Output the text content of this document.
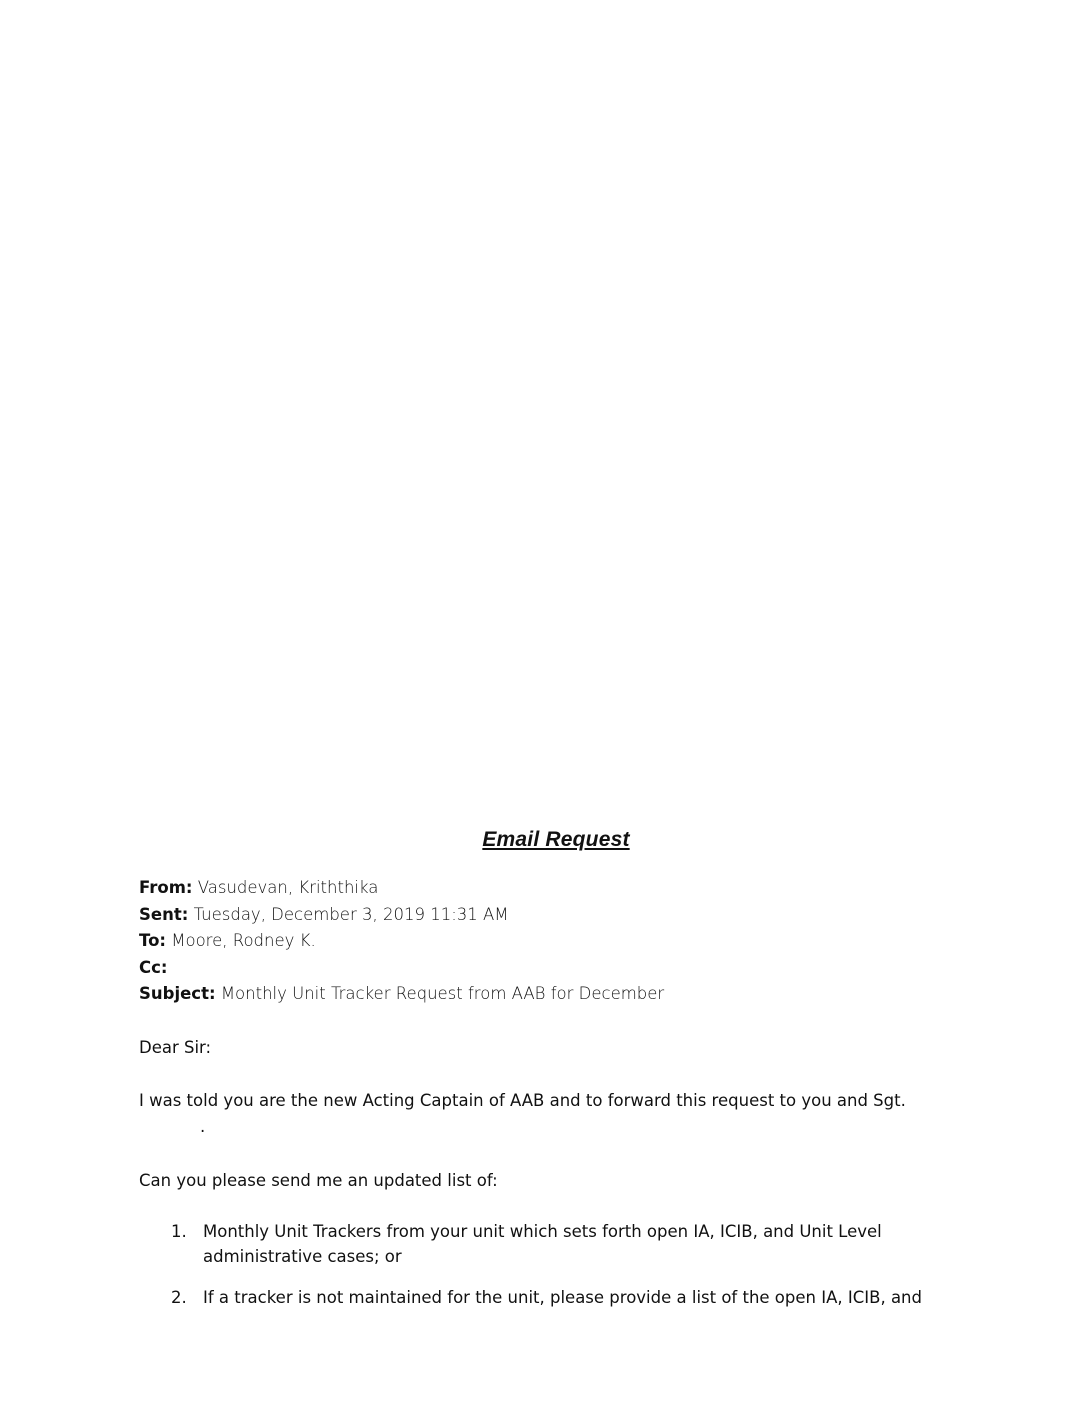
Email Request
From: Vasudevan, Kriththika
Sent: Tuesday, December 3, 2019 11:31 AM
To: Moore, Rodney K.
Cc:
Subject: Monthly Unit Tracker Request from AAB for December
Dear Sir:
I was told you are the new Acting Captain of AAB and to forward this request to you and Sgt.
.
Can you please send me an updated list of:
1. Monthly Unit Trackers from your unit which sets forth open IA, ICIB, and Unit Level administrative cases; or
2. If a tracker is not maintained for the unit, please provide a list of the open IA, ICIB, and
